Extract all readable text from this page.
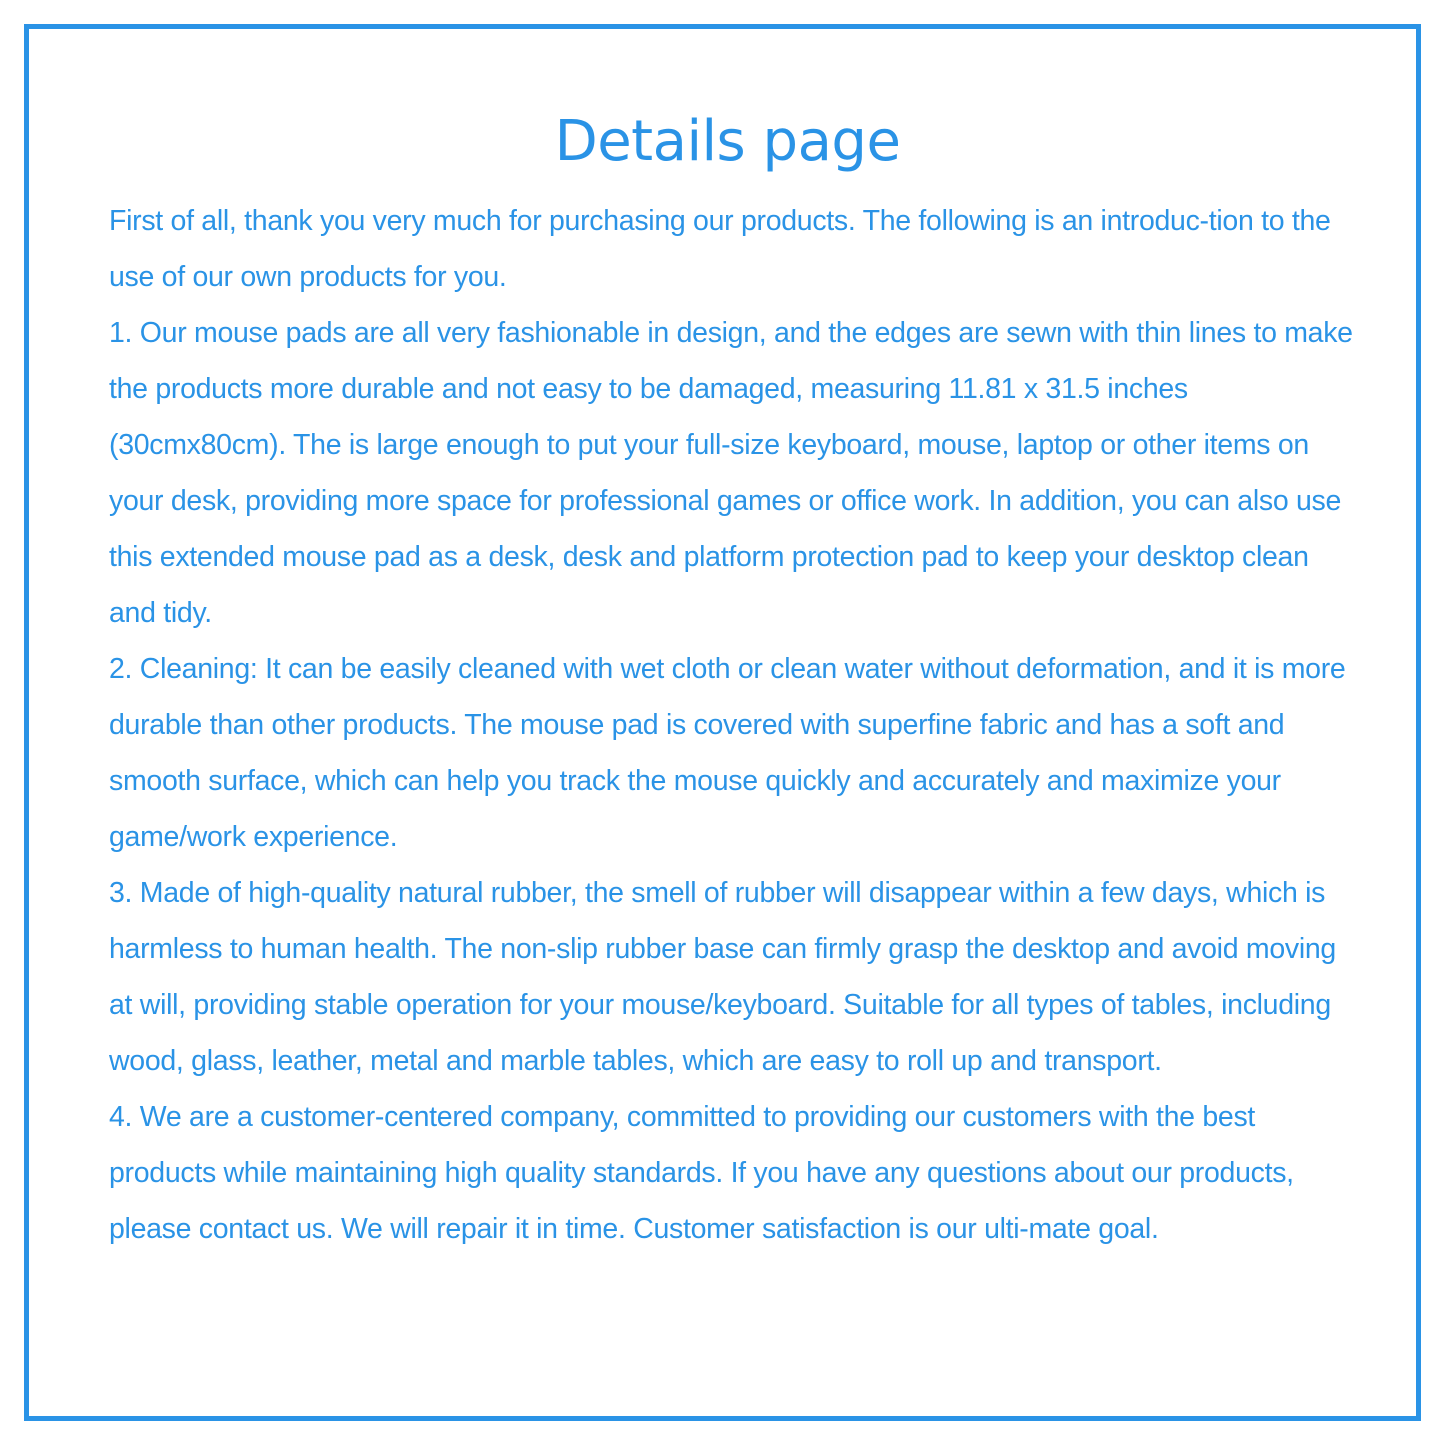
Details page

First of all, thank you very much for purchasing our products. The following is an introduc-tion to the use of our own products for you.

1. Our mouse pads are all very fashionable in design, and the edges are sewn with thin lines to make the products more durable and not easy to be damaged, measuring 11.81 x 31.5 inches (30cmx80cm). The is large enough to put your full-size keyboard, mouse, laptop or other items on your desk, providing more space for professional games or office work. In addition, you can also use this extended mouse pad as a desk, desk and platform protection pad to keep your desktop clean and tidy.

2. Cleaning: It can be easily cleaned with wet cloth or clean water without deformation, and it is more durable than other products. The mouse pad is covered with superfine fabric and has a soft and smooth surface, which can help you track the mouse quickly and accurately and maximize your game/work experience.

3. Made of high-quality natural rubber, the smell of rubber will disappear within a few days, which is harmless to human health. The non-slip rubber base can firmly grasp the desktop and avoid moving at will, providing stable operation for your mouse/keyboard. Suitable for all types of tables, including wood, glass, leather, metal and marble tables, which are easy to roll up and transport.

4. We are a customer-centered company, committed to providing our customers with the best products while maintaining high quality standards. If you have any questions about our products, please contact us. We will repair it in time. Customer satisfaction is our ulti-mate goal.
